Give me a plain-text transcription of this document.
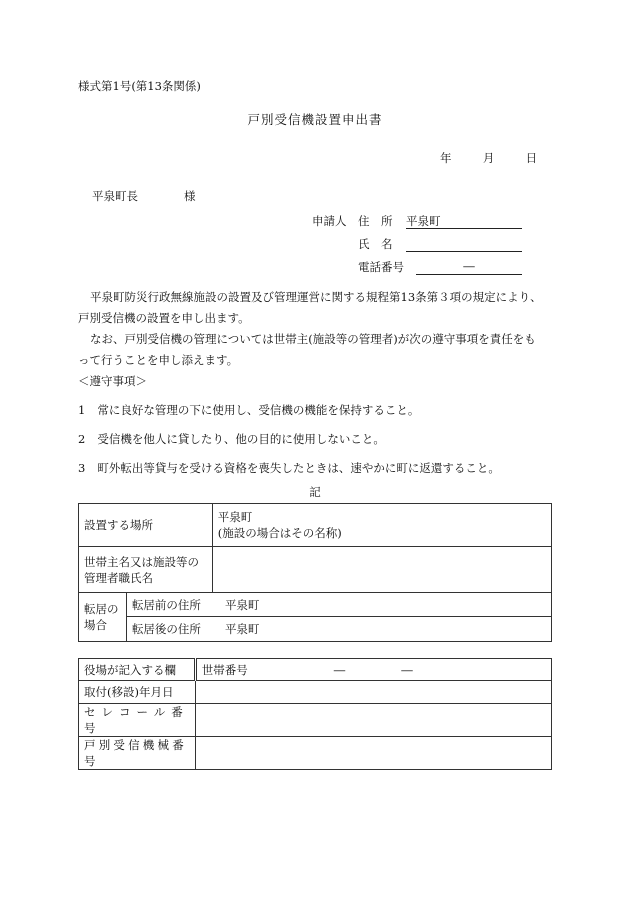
様式第1号(第13条関係)
戸別受信機設置申出書
年	月	日
平泉町長	様
申請人 住　所 平泉町
氏　名
電話番号	―
平泉町防災行政無線施設の設置及び管理運営に関する規程第13条第３項の規定により、
戸別受信機の設置を申し出ます。
なお、戸別受信機の管理については世帯主(施設等の管理者)が次の遵守事項を責任をも
って行うことを申し添えます。
＜遵守事項＞
1 常に良好な管理の下に使用し、受信機の機能を保持すること。
2 受信機を他人に貸したり、他の目的に使用しないこと。
3 町外転出等貸与を受ける資格を喪失したときは、速やかに町に返還すること。
記
設置する場所		平泉町
(施設の場合はその名称)

世帯主名又は施設等の
管理者職氏名		

転居の
場合	転居前の住所 平泉町	
	転居後の住所 平泉町	
役場が記入する欄	世帯番号 ― ―
取付(移設)年月日	
セレコール番号	
戸別受信機械番号	
